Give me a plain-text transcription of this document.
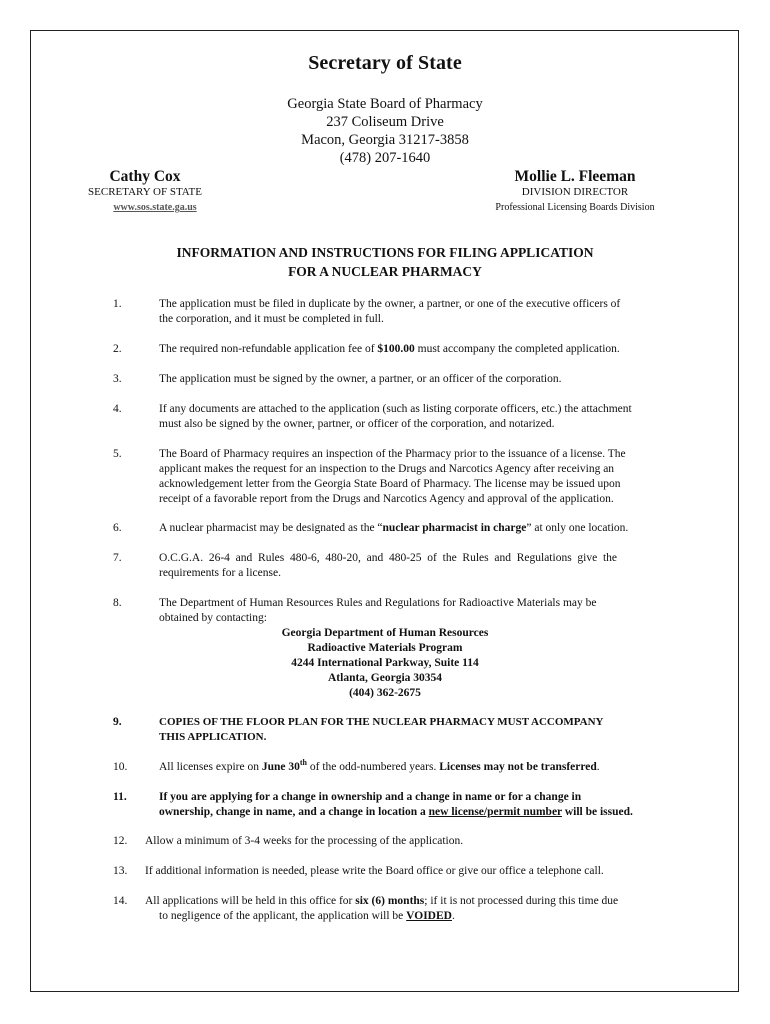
Secretary of State
Georgia State Board of Pharmacy
237 Coliseum Drive
Macon, Georgia 31217-3858
(478) 207-1640
Cathy Cox
SECRETARY OF STATE
www.sos.state.ga.us
Mollie L. Fleeman
DIVISION DIRECTOR
Professional Licensing Boards Division
INFORMATION AND INSTRUCTIONS FOR FILING APPLICATION
FOR A NUCLEAR PHARMACY
1.	The application must be filed in duplicate by the owner, a partner, or one of the executive officers of
the corporation, and it must be completed in full.
2.	The required non-refundable application fee of $100.00 must accompany the completed application.
3.	The application must be signed by the owner, a partner, or an officer of the corporation.
4.	If any documents are attached to the application (such as listing corporate officers, etc.) the attachment
must also be signed by the owner, partner, or officer of the corporation, and notarized.
5.	The Board of Pharmacy requires an inspection of the Pharmacy prior to the issuance of a license. The
applicant makes the request for an inspection to the Drugs and Narcotics Agency after receiving an
acknowledgement letter from the Georgia State Board of Pharmacy. The license may be issued upon
receipt of a favorable report from the Drugs and Narcotics Agency and approval of the application.
6.	A nuclear pharmacist may be designated as the “nuclear pharmacist in charge” at only one location.
7.	O.C.G.A.  26-4  and  Rules  480-6,  480-20,  and  480-25  of  the  Rules  and  Regulations  give  the
requirements for a license.
8.	The Department of Human Resources Rules and Regulations for Radioactive Materials may be
obtained by contacting:
Georgia Department of Human Resources
Radioactive Materials Program
4244 International Parkway, Suite 114
Atlanta, Georgia 30354
(404) 362-2675
9.	COPIES OF THE FLOOR PLAN FOR THE NUCLEAR PHARMACY MUST ACCOMPANY
THIS APPLICATION.
10.	All licenses expire on June 30th of the odd-numbered years. Licenses may not be transferred.
11.	If you are applying for a change in ownership and a change in name or for a change in
ownership, change in name, and a change in location a new license/permit number will be issued.
12. Allow a minimum of 3-4 weeks for the processing of the application.
13. If additional information is needed, please write the Board office or give our office a telephone call.
14. All applications will be held in this office for six (6) months; if it is not processed during this time due
to negligence of the applicant, the application will be VOIDED.
